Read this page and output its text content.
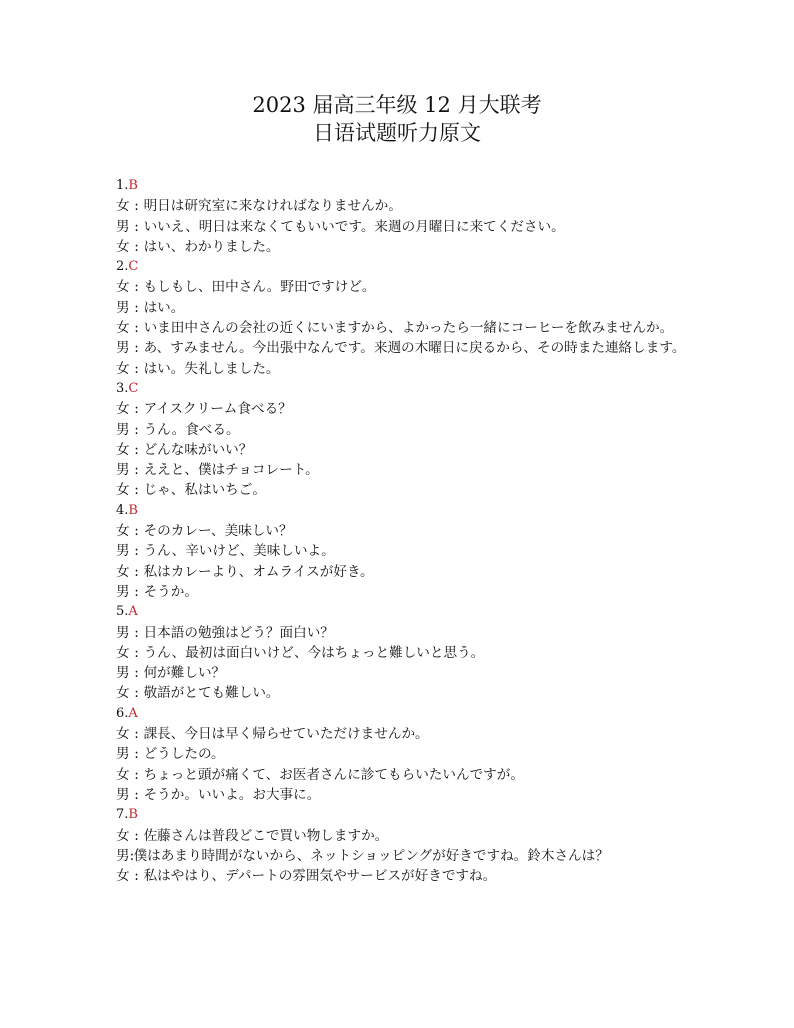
2023 届高三年级 12 月大联考
日语试题听力原文
1.B
女 : 明日は研究室に来なければなりませんか。
男 : いいえ、明日は来なくてもいいです。来週の月曜日に来てください。
女 : はい、わかりました。
2.C
女 : もしもし、田中さん。野田ですけど。
男 : はい。
女 : いま田中さんの会社の近くにいますから、よかったら一緒にコーヒーを飲みませんか。
男 : あ、すみません。今出張中なんです。来週の木曜日に戻るから、その時また連絡します。
女 : はい。失礼しました。
3.C
女 : アイスクリーム食べる？
男 : うん。食べる。
女 : どんな味がいい？
男 : ええと、僕はチョコレート。
女 : じゃ、私はいちご。
4.B
女 : そのカレー、美味しい？
男 : うん、辛いけど、美味しいよ。
女 : 私はカレーより、オムライスが好き。
男 : そうか。
5.A
男 : 日本語の勉強はどう？面白い？
女 : うん、最初は面白いけど、今はちょっと難しいと思う。
男 : 何が難しい？
女 : 敬語がとても難しい。
6.A
女 : 課長、今日は早く帰らせていただけませんか。
男 : どうしたの。
女 : ちょっと頭が痛くて、お医者さんに診てもらいたいんですが。
男 : そうか。いいよ。お大事に。
7.B
女 : 佐藤さんは普段どこで買い物しますか。
男 : 僕はあまり時間がないから、ネットショッピングが好きですね。鈴木さんは？
女 : 私はやはり、デパートの雰囲気やサービスが好きですね。
